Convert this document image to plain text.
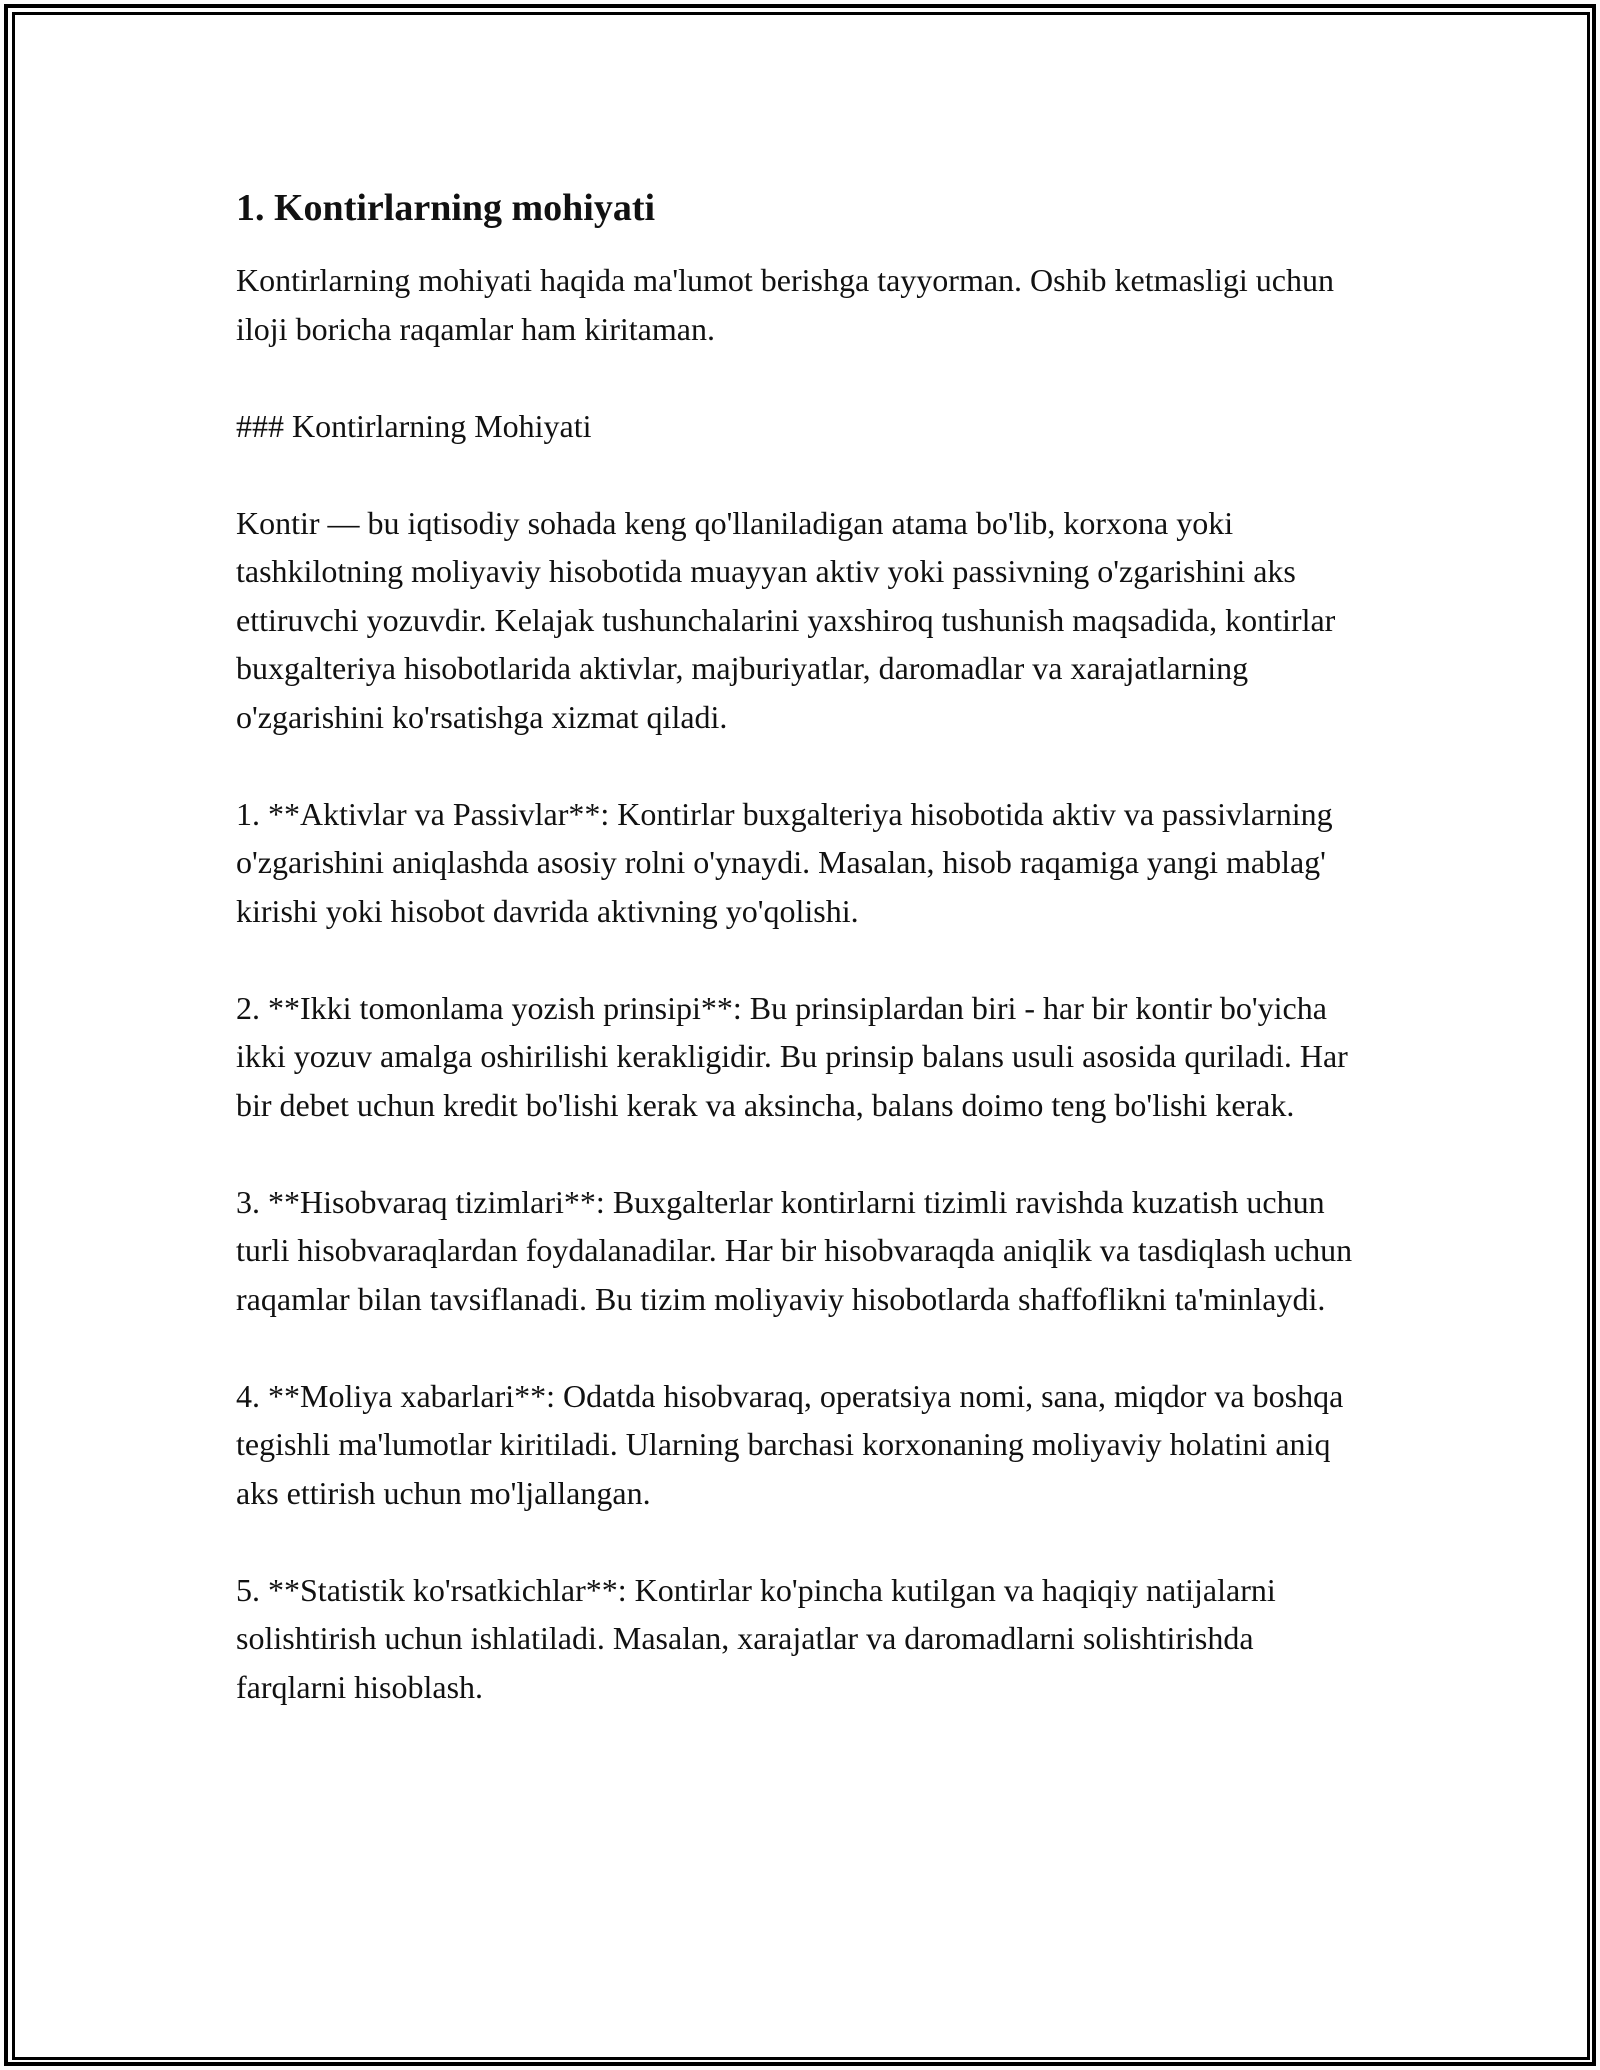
1. Kontirlarning mohiyati

Kontirlarning mohiyati haqida ma'lumot berishga tayyorman. Oshib ketmasligi uchun iloji boricha raqamlar ham kiritaman.

### Kontirlarning Mohiyati

Kontir — bu iqtisodiy sohada keng qo'llaniladigan atama bo'lib, korxona yoki tashkilotning moliyaviy hisobotida muayyan aktiv yoki passivning o'zgarishini aks ettiruvchi yozuvdir. Kelajak tushunchalarini yaxshiroq tushunish maqsadida, kontirlar buxgalteriya hisobotlarida aktivlar, majburiyatlar, daromadlar va xarajatlarning o'zgarishini ko'rsatishga xizmat qiladi.

1. **Aktivlar va Passivlar**: Kontirlar buxgalteriya hisobotida aktiv va passivlarning o'zgarishini aniqlashda asosiy rolni o'ynaydi. Masalan, hisob raqamiga yangi mablag' kirishi yoki hisobot davrida aktivning yo'qolishi.

2. **Ikki tomonlama yozish prinsipi**: Bu prinsiplardan biri - har bir kontir bo'yicha ikki yozuv amalga oshirilishi kerakligidir. Bu prinsip balans usuli asosida quriladi. Har bir debet uchun kredit bo'lishi kerak va aksincha, balans doimo teng bo'lishi kerak.

3. **Hisobvaraq tizimlari**: Buxgalterlar kontirlarni tizimli ravishda kuzatish uchun turli hisobvaraqlardan foydalanadilar. Har bir hisobvaraqda aniqlik va tasdiqlash uchun raqamlar bilan tavsiflanadi. Bu tizim moliyaviy hisobotlarda shaffoflikni ta'minlaydi.

4. **Moliya xabarlari**: Odatda hisobvaraq, operatsiya nomi, sana, miqdor va boshqa tegishli ma'lumotlar kiritiladi. Ularning barchasi korxonaning moliyaviy holatini aniq aks ettirish uchun mo'ljallangan.

5. **Statistik ko'rsatkichlar**: Kontirlar ko'pincha kutilgan va haqiqiy natijalarni solishtirish uchun ishlatiladi. Masalan, xarajatlar va daromadlarni solishtirishda farqlarni hisoblash.
